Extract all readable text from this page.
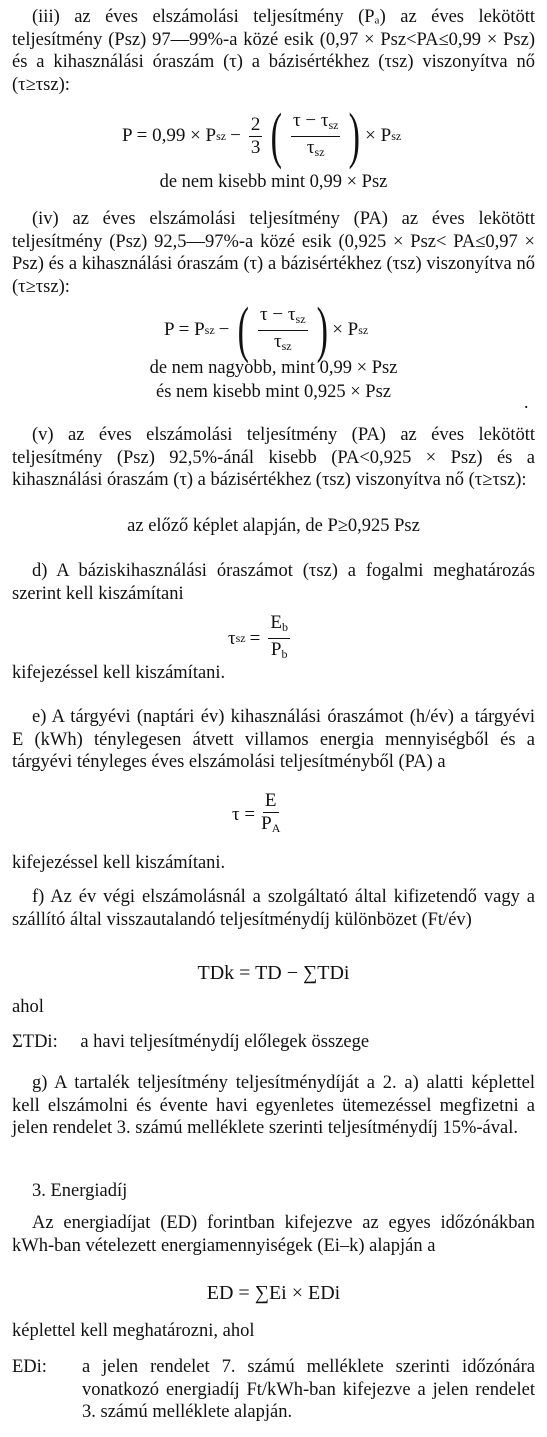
(iii) az éves elszámolási teljesítmény (Pₐ) az éves lekötött teljesítmény (Psz) 97—99%-a közé esik (0,97 × Psz<PA≤0,99 × Psz) és a kihasználási óraszám (τ) a bázisértékhez (τsz) viszonyítva nő (τ≥τsz):

P = 0,99 × P sz − $\frac{2}{3}$ ( $\frac{\tau - \tau_{sz}}{\tau_{sz}}$ ) × P sz
de nem kisebb mint 0,99 × Psz

(iv) az éves elszámolási teljesítmény (PA) az éves lekötött teljesítmény (Psz) 92,5—97%-a közé esik (0,925 × Psz< PA≤0,97 × Psz) és a kihasználási óraszám (τ) a bázisértékhez (τsz) viszonyítva nő (τ≥τsz):

P = P sz − ( $\frac{\tau - \tau_{sz}}{\tau_{sz}}$ ) × P sz
de nem nagyobb, mint 0,99 × Psz
és nem kisebb mint 0,925 × Psz	.

(v) az éves elszámolási teljesítmény (PA) az éves lekötött teljesítmény (Psz) 92,5%-ánál kisebb (PA<0,925 × Psz) és a kihasználási óraszám (τ) a bázisértékhez (τsz) viszonyítva nő (τ≥τsz):

az előző képlet alapján, de P≥0,925 Psz

d) A báziskihasználási óraszámot (τsz) a fogalmi meghatározás szerint kell kiszámítani

τ sz = $\frac{E_b}{P_b}$

kifejezéssel kell kiszámítani.

e) A tárgyévi (naptári év) kihasználási óraszámot (h/év) a tárgyévi E (kWh) ténylegesen átvett villamos energia mennyiségből és a tárgyévi tényleges éves elszámolási teljesítményből (PA) a

$\tau = \frac{E}{P_A}$

kifejezéssel kell kiszámítani.

f) Az év végi elszámolásnál a szolgáltató által kifizetendő vagy a szállító által visszautalandó teljesítménydíj különbözet (Ft/év)

TDk = TD − ∑TDi

ahol

ΣTDi: a havi teljesítménydíj előlegek összege

g) A tartalék teljesítmény teljesítménydíját a 2. a) alatti képlettel kell elszámolni és évente havi egyenletes ütemezéssel megfizetni a jelen rendelet 3. számú melléklete szerinti teljesítménydíj 15%-ával.

3. Energiadíj

Az energiadíjat (ED) forintban kifejezve az egyes időzónákban kWh-ban vételezett energiamennyiségek (Ei–k) alapján a

ED = ∑Ei × EDi

képlettel kell meghatározni, ahol

EDi: a jelen rendelet 7. számú melléklete szerinti időzónára vonatkozó energiadíj Ft/kWh-ban kifejezve a jelen rendelet 3. számú melléklete alapján.
